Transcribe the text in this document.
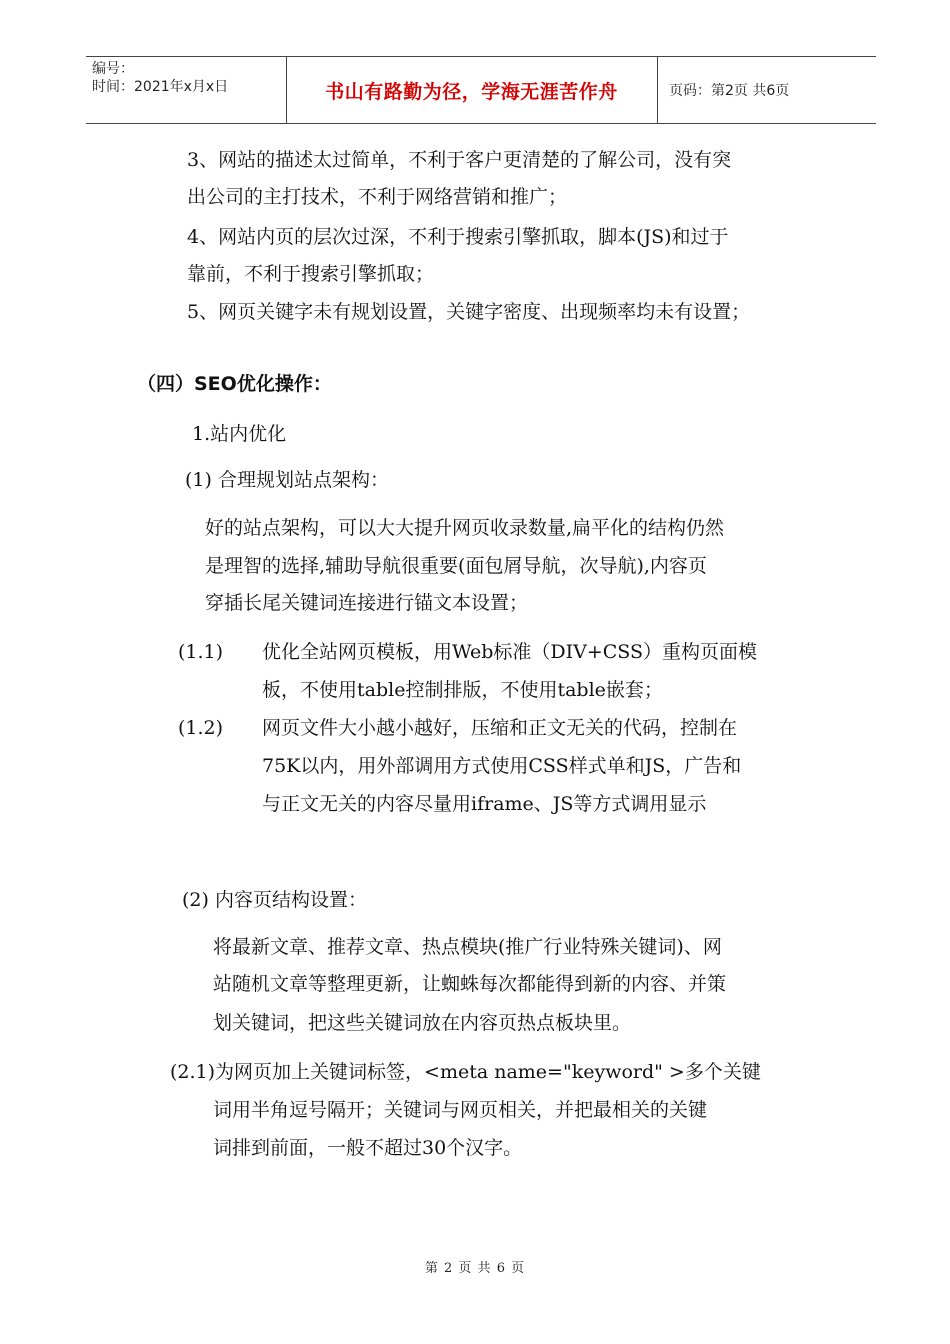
编号：
时间：2021年x月x日	书山有路勤为径，学海无涯苦作舟	页码：第2页 共6页
3、网站的描述太过简单，不利于客户更清楚的了解公司，没有突
出公司的主打技术，不利于网络营销和推广；
4、网站内页的层次过深，不利于搜索引擎抓取，脚本(JS)和过于
靠前，不利于搜索引擎抓取；
5、网页关键字未有规划设置，关键字密度、出现频率均未有设置；
（四）SEO优化操作：
1.站内优化
(1) 合理规划站点架构：
好的站点架构，可以大大提升网页收录数量,扁平化的结构仍然
是理智的选择,辅助导航很重要(面包屑导航，次导航),内容页
穿插长尾关键词连接进行锚文本设置；
(1.1) 优化全站网页模板，用Web标准（DIV+CSS）重构页面模
板，不使用table控制排版，不使用table嵌套；
(1.2) 网页文件大小越小越好，压缩和正文无关的代码，控制在
75K以内，用外部调用方式使用CSS样式单和JS，广告和
与正文无关的内容尽量用iframe、JS等方式调用显示
(2) 内容页结构设置：
将最新文章、推荐文章、热点模块(推广行业特殊关键词)、网
站随机文章等整理更新，让蜘蛛每次都能得到新的内容、并策
划关键词，把这些关键词放在内容页热点板块里。
(2.1)为网页加上关键词标签，<meta name="keyword" >多个关键
词用半角逗号隔开；关键词与网页相关，并把最相关的关键
词排到前面，一般不超过30个汉字。
第 2 页 共 6 页
